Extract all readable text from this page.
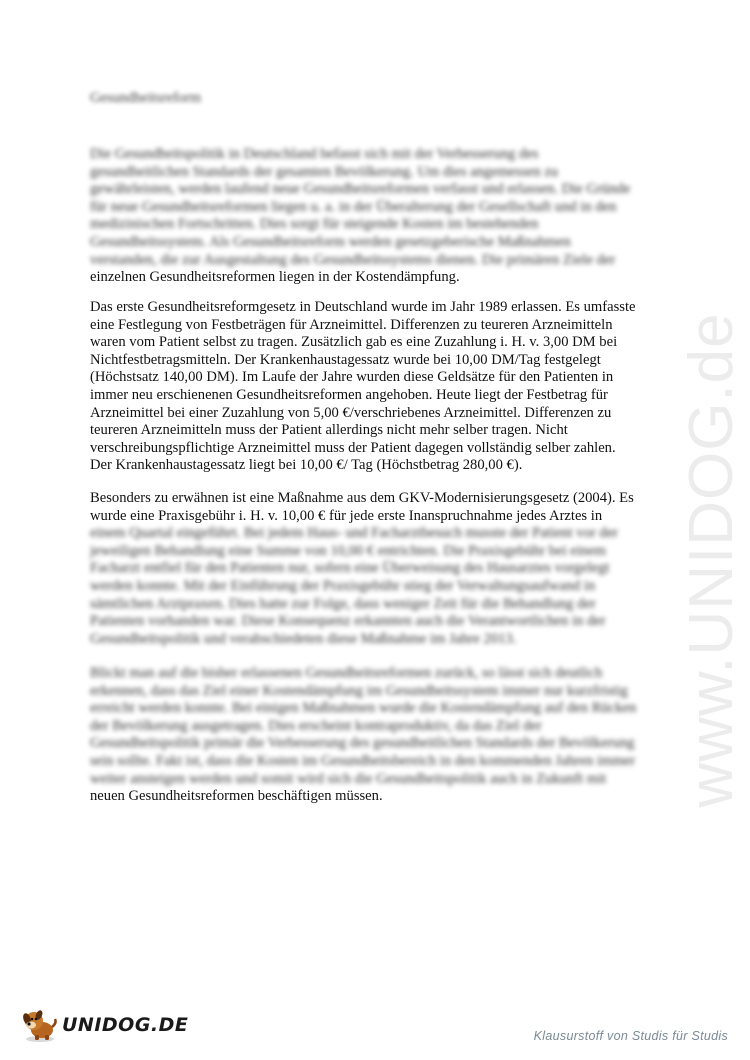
www.UNIDOG.de
Gesundheitsreform
Die Gesundheitspolitik in Deutschland befasst sich mit der Verbesserung des
gesundheitlichen Standards der gesamten Bevölkerung. Um dies angemessen zu
gewährleisten, werden laufend neue Gesundheitsreformen verfasst und erlassen. Die Gründe
für neue Gesundheitsreformen liegen u. a. in der Überalterung der Gesellschaft und in den
medizinischen Fortschritten. Dies sorgt für steigende Kosten im bestehenden
Gesundheitssystem. Als Gesundheitsreform werden gesetzgeberische Maßnahmen
verstanden, die zur Ausgestaltung des Gesundheitssystems dienen. Die primären Ziele der
einzelnen Gesundheitsreformen liegen in der Kostendämpfung.
Das erste Gesundheitsreformgesetz in Deutschland wurde im Jahr 1989 erlassen. Es umfasste
eine Festlegung von Festbeträgen für Arzneimittel. Differenzen zu teureren Arzneimitteln
waren vom Patient selbst zu tragen. Zusätzlich gab es eine Zuzahlung i. H. v. 3,00 DM bei
Nichtfestbetragsmitteln. Der Krankenhaustagessatz wurde bei 10,00 DM/Tag festgelegt
(Höchstsatz 140,00 DM). Im Laufe der Jahre wurden diese Geldsätze für den Patienten in
immer neu erschienenen Gesundheitsreformen angehoben. Heute liegt der Festbetrag für
Arzneimittel bei einer Zuzahlung von 5,00 €/verschriebenes Arzneimittel. Differenzen zu
teureren Arzneimitteln muss der Patient allerdings nicht mehr selber tragen. Nicht
verschreibungspflichtige Arzneimittel muss der Patient dagegen vollständig selber zahlen.
Der Krankenhaustagessatz liegt bei 10,00 €/ Tag (Höchstbetrag 280,00 €).
Besonders zu erwähnen ist eine Maßnahme aus dem GKV-Modernisierungsgesetz (2004). Es
wurde eine Praxisgebühr i. H. v. 10,00 € für jede erste Inanspruchnahme jedes Arztes in
einem Quartal eingeführt. Bei jedem Haus- und Facharztbesuch musste der Patient vor der
jeweiligen Behandlung eine Summe von 10,00 € entrichten. Die Praxisgebühr bei einem
Facharzt entfiel für den Patienten nur, sofern eine Überweisung des Hausarztes vorgelegt
werden konnte. Mit der Einführung der Praxisgebühr stieg der Verwaltungsaufwand in
sämtlichen Arztpraxen. Dies hatte zur Folge, dass weniger Zeit für die Behandlung der
Patienten vorhanden war. Diese Konsequenz erkannten auch die Verantwortlichen in der
Gesundheitspolitik und verabschiedeten diese Maßnahme im Jahre 2013.
Blickt man auf die bisher erlassenen Gesundheitsreformen zurück, so lässt sich deutlich
erkennen, dass das Ziel einer Kostendämpfung im Gesundheitssystem immer nur kurzfristig
erreicht werden konnte. Bei einigen Maßnahmen wurde die Kostendämpfung auf den Rücken
der Bevölkerung ausgetragen. Dies erscheint kontraproduktiv, da das Ziel der
Gesundheitspolitik primär die Verbesserung des gesundheitlichen Standards der Bevölkerung
sein sollte. Fakt ist, dass die Kosten im Gesundheitsbereich in den kommenden Jahren immer
weiter ansteigen werden und somit wird sich die Gesundheitspolitik auch in Zukunft mit
neuen Gesundheitsreformen beschäftigen müssen.
UNIDOG.DE	Klausurstoff von Studis für Studis
